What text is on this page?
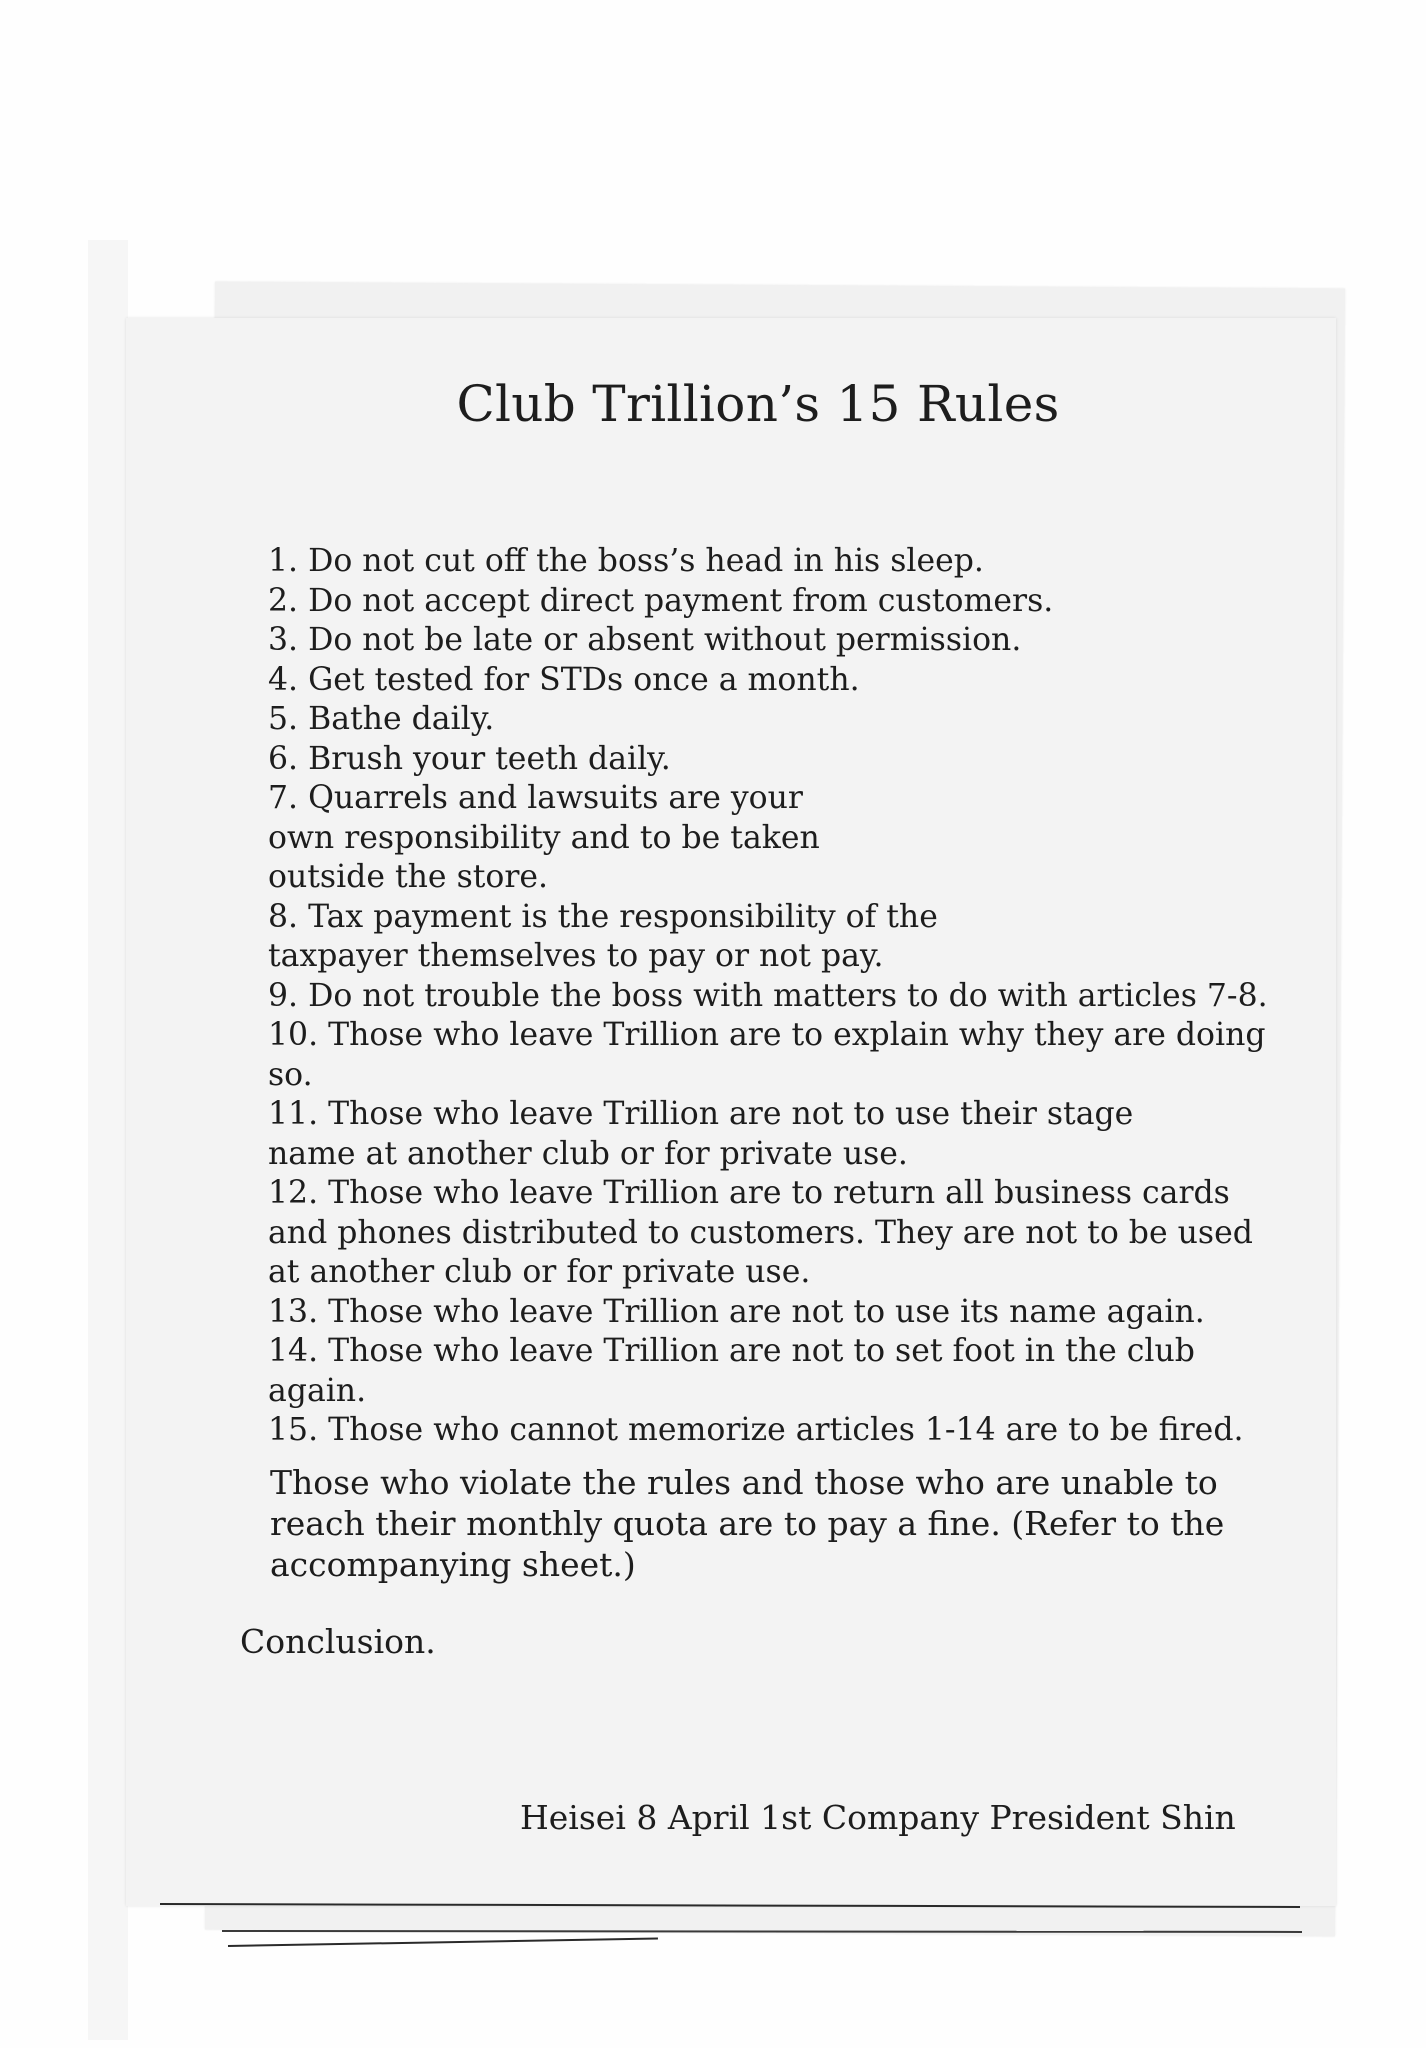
Club Trillion’s 15 Rules
1. Do not cut off the boss’s head in his sleep.
2. Do not accept direct payment from customers.
3. Do not be late or absent without permission.
4. Get tested for STDs once a month.
5. Bathe daily.
6. Brush your teeth daily.
7. Quarrels and lawsuits are your own responsibility and to be taken outside the store.
8. Tax payment is the responsibility of the taxpayer themselves to pay or not pay.
9. Do not trouble the boss with matters to do with articles 7-8.
10. Those who leave Trillion are to explain why they are doing so.
11. Those who leave Trillion are not to use their stage name at another club or for private use.
12. Those who leave Trillion are to return all business cards and phones distributed to customers. They are not to be used at another club or for private use.
13. Those who leave Trillion are not to use its name again.
14. Those who leave Trillion are not to set foot in the club again.
15. Those who cannot memorize articles 1-14 are to be fired.

Those who violate the rules and those who are unable to reach their monthly quota are to pay a fine. (Refer to the accompanying sheet.)

Conclusion.

Heisei 8 April 1st Company President Shin
